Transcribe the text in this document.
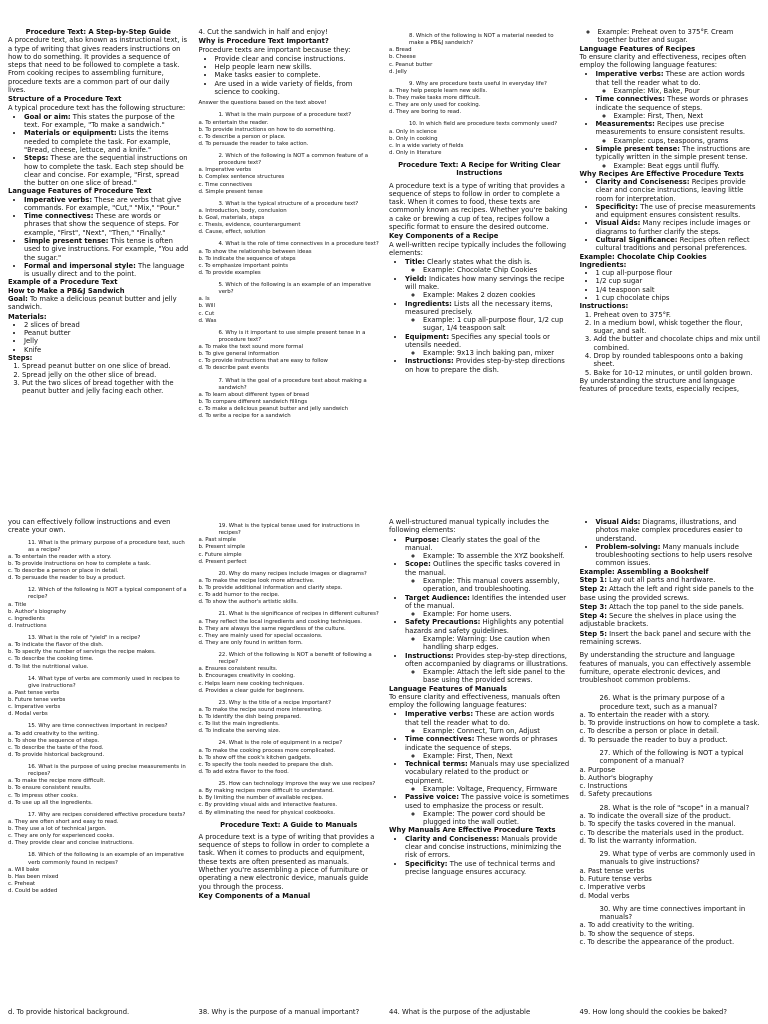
Procedure Text: A Step-by-Step Guide
A procedure text, also known as instructional text, is a type of writing that gives readers instructions on how to do something. It provides a sequence of steps that need to be followed to complete a task. From cooking recipes to assembling furniture, procedure texts are a common part of our daily lives.
Structure of a Procedure Text
A typical procedure text has the following structure:
• Goal or aim: This states the purpose of the text. For example, "To make a sandwich."
• Materials or equipment: Lists the items needed to complete the task. For example, "Bread, cheese, lettuce, and a knife."
• Steps: These are the sequential instructions on how to complete the task. Each step should be clear and concise. For example, "First, spread the butter on one slice of bread."
Language Features of Procedure Text
• Imperative verbs: These are verbs that give commands. For example, "Cut," "Mix," "Pour."
• Time connectives: These are words or phrases that show the sequence of steps. For example, "First", "Next", "Then," "Finally."
• Simple present tense: This tense is often used to give instructions. For example, "You add the sugar."
• Formal and impersonal style: The language is usually direct and to the point.
Example of a Procedure Text
How to Make a PB&J Sandwich
Goal: To make a delicious peanut butter and jelly sandwich.
Materials:
• 2 slices of bread
• Peanut butter
• Jelly
• Knife
Steps:
1. Spread peanut butter on one slice of bread.
2. Spread jelly on the other slice of bread.
3. Put the two slices of bread together with the peanut butter and jelly facing each other.
4. Cut the sandwich in half and enjoy!
Why is Procedure Text Important?
Procedure texts are important because they:
• Provide clear and concise instructions.
• Help people learn new skills.
• Make tasks easier to complete.
• Are used in a wide variety of fields, from science to cooking.
Answer the questions based on the text above!
1. What is the main purpose of a procedure text?
a. To entertain the reader.
b. To provide instructions on how to do something.
c. To describe a person or place.
d. To persuade the reader to take action.
2. Which of the following is NOT a common feature of a procedure text?
a. Imperative verbs
b. Complex sentence structures
c. Time connectives
d. Simple present tense
3. What is the typical structure of a procedure text?
a. Introduction, body, conclusion
b. Goal, materials, steps
c. Thesis, evidence, counterargument
d. Cause, effect, solution
4. What is the role of time connectives in a procedure text?
a. To show the relationship between ideas
b. To indicate the sequence of steps
c. To emphasize important points
d. To provide examples
5. Which of the following is an example of an imperative verb?
a. Is
b. Will
c. Cut
d. Was
6. Why is it important to use simple present tense in a procedure text?
a. To make the text sound more formal
b. To give general information
c. To provide instructions that are easy to follow
d. To describe past events
7. What is the goal of a procedure text about making a sandwich?
a. To learn about different types of bread
b. To compare different sandwich fillings
c. To make a delicious peanut butter and jelly sandwich
d. To write a recipe for a sandwich
8. Which of the following is NOT a material needed to make a PB&J sandwich?
a. Bread
b. Cheese
c. Peanut butter
d. Jelly
9. Why are procedure texts useful in everyday life?
a. They help people learn new skills.
b. They make tasks more difficult.
c. They are only used for cooking.
d. They are boring to read.
10. In which field are procedure texts commonly used?
a. Only in science
b. Only in cooking
c. In a wide variety of fields
d. Only in literature
Procedure Text: A Recipe for Writing Clear Instructions
A procedure text is a type of writing that provides a sequence of steps to follow in order to complete a task. When it comes to food, these texts are commonly known as recipes. Whether you're baking a cake or brewing a cup of tea, recipes follow a specific format to ensure the desired outcome.
Key Components of a Recipe
A well-written recipe typically includes the following elements:
• Title: Clearly states what the dish is.
◦ Example: Chocolate Chip Cookies
• Yield: Indicates how many servings the recipe will make.
◦ Example: Makes 2 dozen cookies
• Ingredients: Lists all the necessary items, measured precisely.
◦ Example: 1 cup all-purpose flour, 1/2 cup sugar, 1/4 teaspoon salt
• Equipment: Specifies any special tools or utensils needed.
◦ Example: 9x13 inch baking pan, mixer
• Instructions: Provides step-by-step directions on how to prepare the dish.
◦ Example: Preheat oven to 375°F. Cream together butter and sugar.
Language Features of Recipes
To ensure clarity and effectiveness, recipes often employ the following language features:
• Imperative verbs: These are action words that tell the reader what to do.
◦ Example: Mix, Bake, Pour
• Time connectives: These words or phrases indicate the sequence of steps.
◦ Example: First, Then, Next
• Measurements: Recipes use precise measurements to ensure consistent results.
◦ Example: cups, teaspoons, grams
• Simple present tense: The instructions are typically written in the simple present tense.
◦ Example: Beat eggs until fluffy.
Why Recipes Are Effective Procedure Texts
• Clarity and Conciseness: Recipes provide clear and concise instructions, leaving little room for interpretation.
• Specificity: The use of precise measurements and equipment ensures consistent results.
• Visual Aids: Many recipes include images or diagrams to further clarify the steps.
• Cultural Significance: Recipes often reflect cultural traditions and personal preferences.
Example: Chocolate Chip Cookies
Ingredients:
• 1 cup all-purpose flour
• 1/2 cup sugar
• 1/4 teaspoon salt
• 1 cup chocolate chips
Instructions:
1. Preheat oven to 375°F.
2. In a medium bowl, whisk together the flour, sugar, and salt.
3. Add the butter and chocolate chips and mix until combined.
4. Drop by rounded tablespoons onto a baking sheet.
5. Bake for 10-12 minutes, or until golden brown.
By understanding the structure and language features of procedure texts, especially recipes,
you can effectively follow instructions and even create your own.
11. What is the primary purpose of a procedure text, such as a recipe?
a. To entertain the reader with a story.
b. To provide instructions on how to complete a task.
c. To describe a person or place in detail.
d. To persuade the reader to buy a product.
12. Which of the following is NOT a typical component of a recipe?
a. Title
b. Author's biography
c. Ingredients
d. Instructions
13. What is the role of "yield" in a recipe?
a. To indicate the flavor of the dish.
b. To specify the number of servings the recipe makes.
c. To describe the cooking time.
d. To list the nutritional value.
14. What type of verbs are commonly used in recipes to give instructions?
a. Past tense verbs
b. Future tense verbs
c. Imperative verbs
d. Modal verbs
15. Why are time connectives important in recipes?
a. To add creativity to the writing.
b. To show the sequence of steps.
c. To describe the taste of the food.
d. To provide historical background.
16. What is the purpose of using precise measurements in recipes?
a. To make the recipe more difficult.
b. To ensure consistent results.
c. To impress other cooks.
d. To use up all the ingredients.
17. Why are recipes considered effective procedure texts?
a. They are often short and easy to read.
b. They use a lot of technical jargon.
c. They are only for experienced cooks.
d. They provide clear and concise instructions.
18. Which of the following is an example of an imperative verb commonly found in recipes?
a. Will bake
b. Has been mixed
c. Preheat
d. Could be added
19. What is the typical tense used for instructions in recipes?
a. Past simple
b. Present simple
c. Future simple
d. Present perfect
20. Why do many recipes include images or diagrams?
a. To make the recipe look more attractive.
b. To provide additional information and clarify steps.
c. To add humor to the recipe.
d. To show the author's artistic skills.
21. What is the significance of recipes in different cultures?
a. They reflect the local ingredients and cooking techniques.
b. They are always the same regardless of the culture.
c. They are mainly used for special occasions.
d. They are only found in written form.
22. Which of the following is NOT a benefit of following a recipe?
a. Ensures consistent results.
b. Encourages creativity in cooking.
c. Helps learn new cooking techniques.
d. Provides a clear guide for beginners.
23. Why is the title of a recipe important?
a. To make the recipe sound more interesting.
b. To identify the dish being prepared.
c. To list the main ingredients.
d. To indicate the serving size.
24. What is the role of equipment in a recipe?
a. To make the cooking process more complicated.
b. To show off the cook's kitchen gadgets.
c. To specify the tools needed to prepare the dish.
d. To add extra flavor to the food.
25. How can technology improve the way we use recipes?
a. By making recipes more difficult to understand.
b. By limiting the number of available recipes.
c. By providing visual aids and interactive features.
d. By eliminating the need for physical cookbooks.
Procedure Text: A Guide to Manuals
A procedure text is a type of writing that provides a sequence of steps to follow in order to complete a task. When it comes to products and equipment, these texts are often presented as manuals. Whether you're assembling a piece of furniture or operating a new electronic device, manuals guide you through the process.
Key Components of a Manual
A well-structured manual typically includes the following elements:
• Purpose: Clearly states the goal of the manual.
◦ Example: To assemble the XYZ bookshelf.
• Scope: Outlines the specific tasks covered in the manual.
◦ Example: This manual covers assembly, operation, and troubleshooting.
• Target Audience: Identifies the intended user of the manual.
◦ Example: For home users.
• Safety Precautions: Highlights any potential hazards and safety guidelines.
◦ Example: Warning: Use caution when handling sharp edges.
• Instructions: Provides step-by-step directions, often accompanied by diagrams or illustrations.
◦ Example: Attach the left side panel to the base using the provided screws.
Language Features of Manuals
To ensure clarity and effectiveness, manuals often employ the following language features:
• Imperative verbs: These are action words that tell the reader what to do.
◦ Example: Connect, Turn on, Adjust
• Time connectives: These words or phrases indicate the sequence of steps.
◦ Example: First, Then, Next
• Technical terms: Manuals may use specialized vocabulary related to the product or equipment.
◦ Example: Voltage, Frequency, Firmware
• Passive voice: The passive voice is sometimes used to emphasize the process or result.
◦ Example: The power cord should be plugged into the wall outlet.
Why Manuals Are Effective Procedure Texts
• Clarity and Conciseness: Manuals provide clear and concise instructions, minimizing the risk of errors.
• Specificity: The use of technical terms and precise language ensures accuracy.
• Visual Aids: Diagrams, illustrations, and photos make complex procedures easier to understand.
• Problem-solving: Many manuals include troubleshooting sections to help users resolve common issues.
Example: Assembling a Bookshelf
Step 1: Lay out all parts and hardware.
Step 2: Attach the left and right side panels to the base using the provided screws.
Step 3: Attach the top panel to the side panels.
Step 4: Secure the shelves in place using the adjustable brackets.
Step 5: Insert the back panel and secure with the remaining screws.
By understanding the structure and language features of manuals, you can effectively assemble furniture, operate electronic devices, and troubleshoot common problems.
26. What is the primary purpose of a procedure text, such as a manual?
a. To entertain the reader with a story.
b. To provide instructions on how to complete a task.
c. To describe a person or place in detail.
d. To persuade the reader to buy a product.
27. Which of the following is NOT a typical component of a manual?
a. Purpose
b. Author's biography
c. Instructions
d. Safety precautions
28. What is the role of "scope" in a manual?
a. To indicate the overall size of the product.
b. To specify the tasks covered in the manual.
c. To describe the materials used in the product.
d. To list the warranty information.
29. What type of verbs are commonly used in manuals to give instructions?
a. Past tense verbs
b. Future tense verbs
c. Imperative verbs
d. Modal verbs
30. Why are time connectives important in manuals?
a. To add creativity to the writing.
b. To show the sequence of steps.
c. To describe the appearance of the product.
d. To provide historical background.	38. Why is the purpose of a manual important?	44. What is the purpose of the adjustable	49. How long should the cookies be baked?
